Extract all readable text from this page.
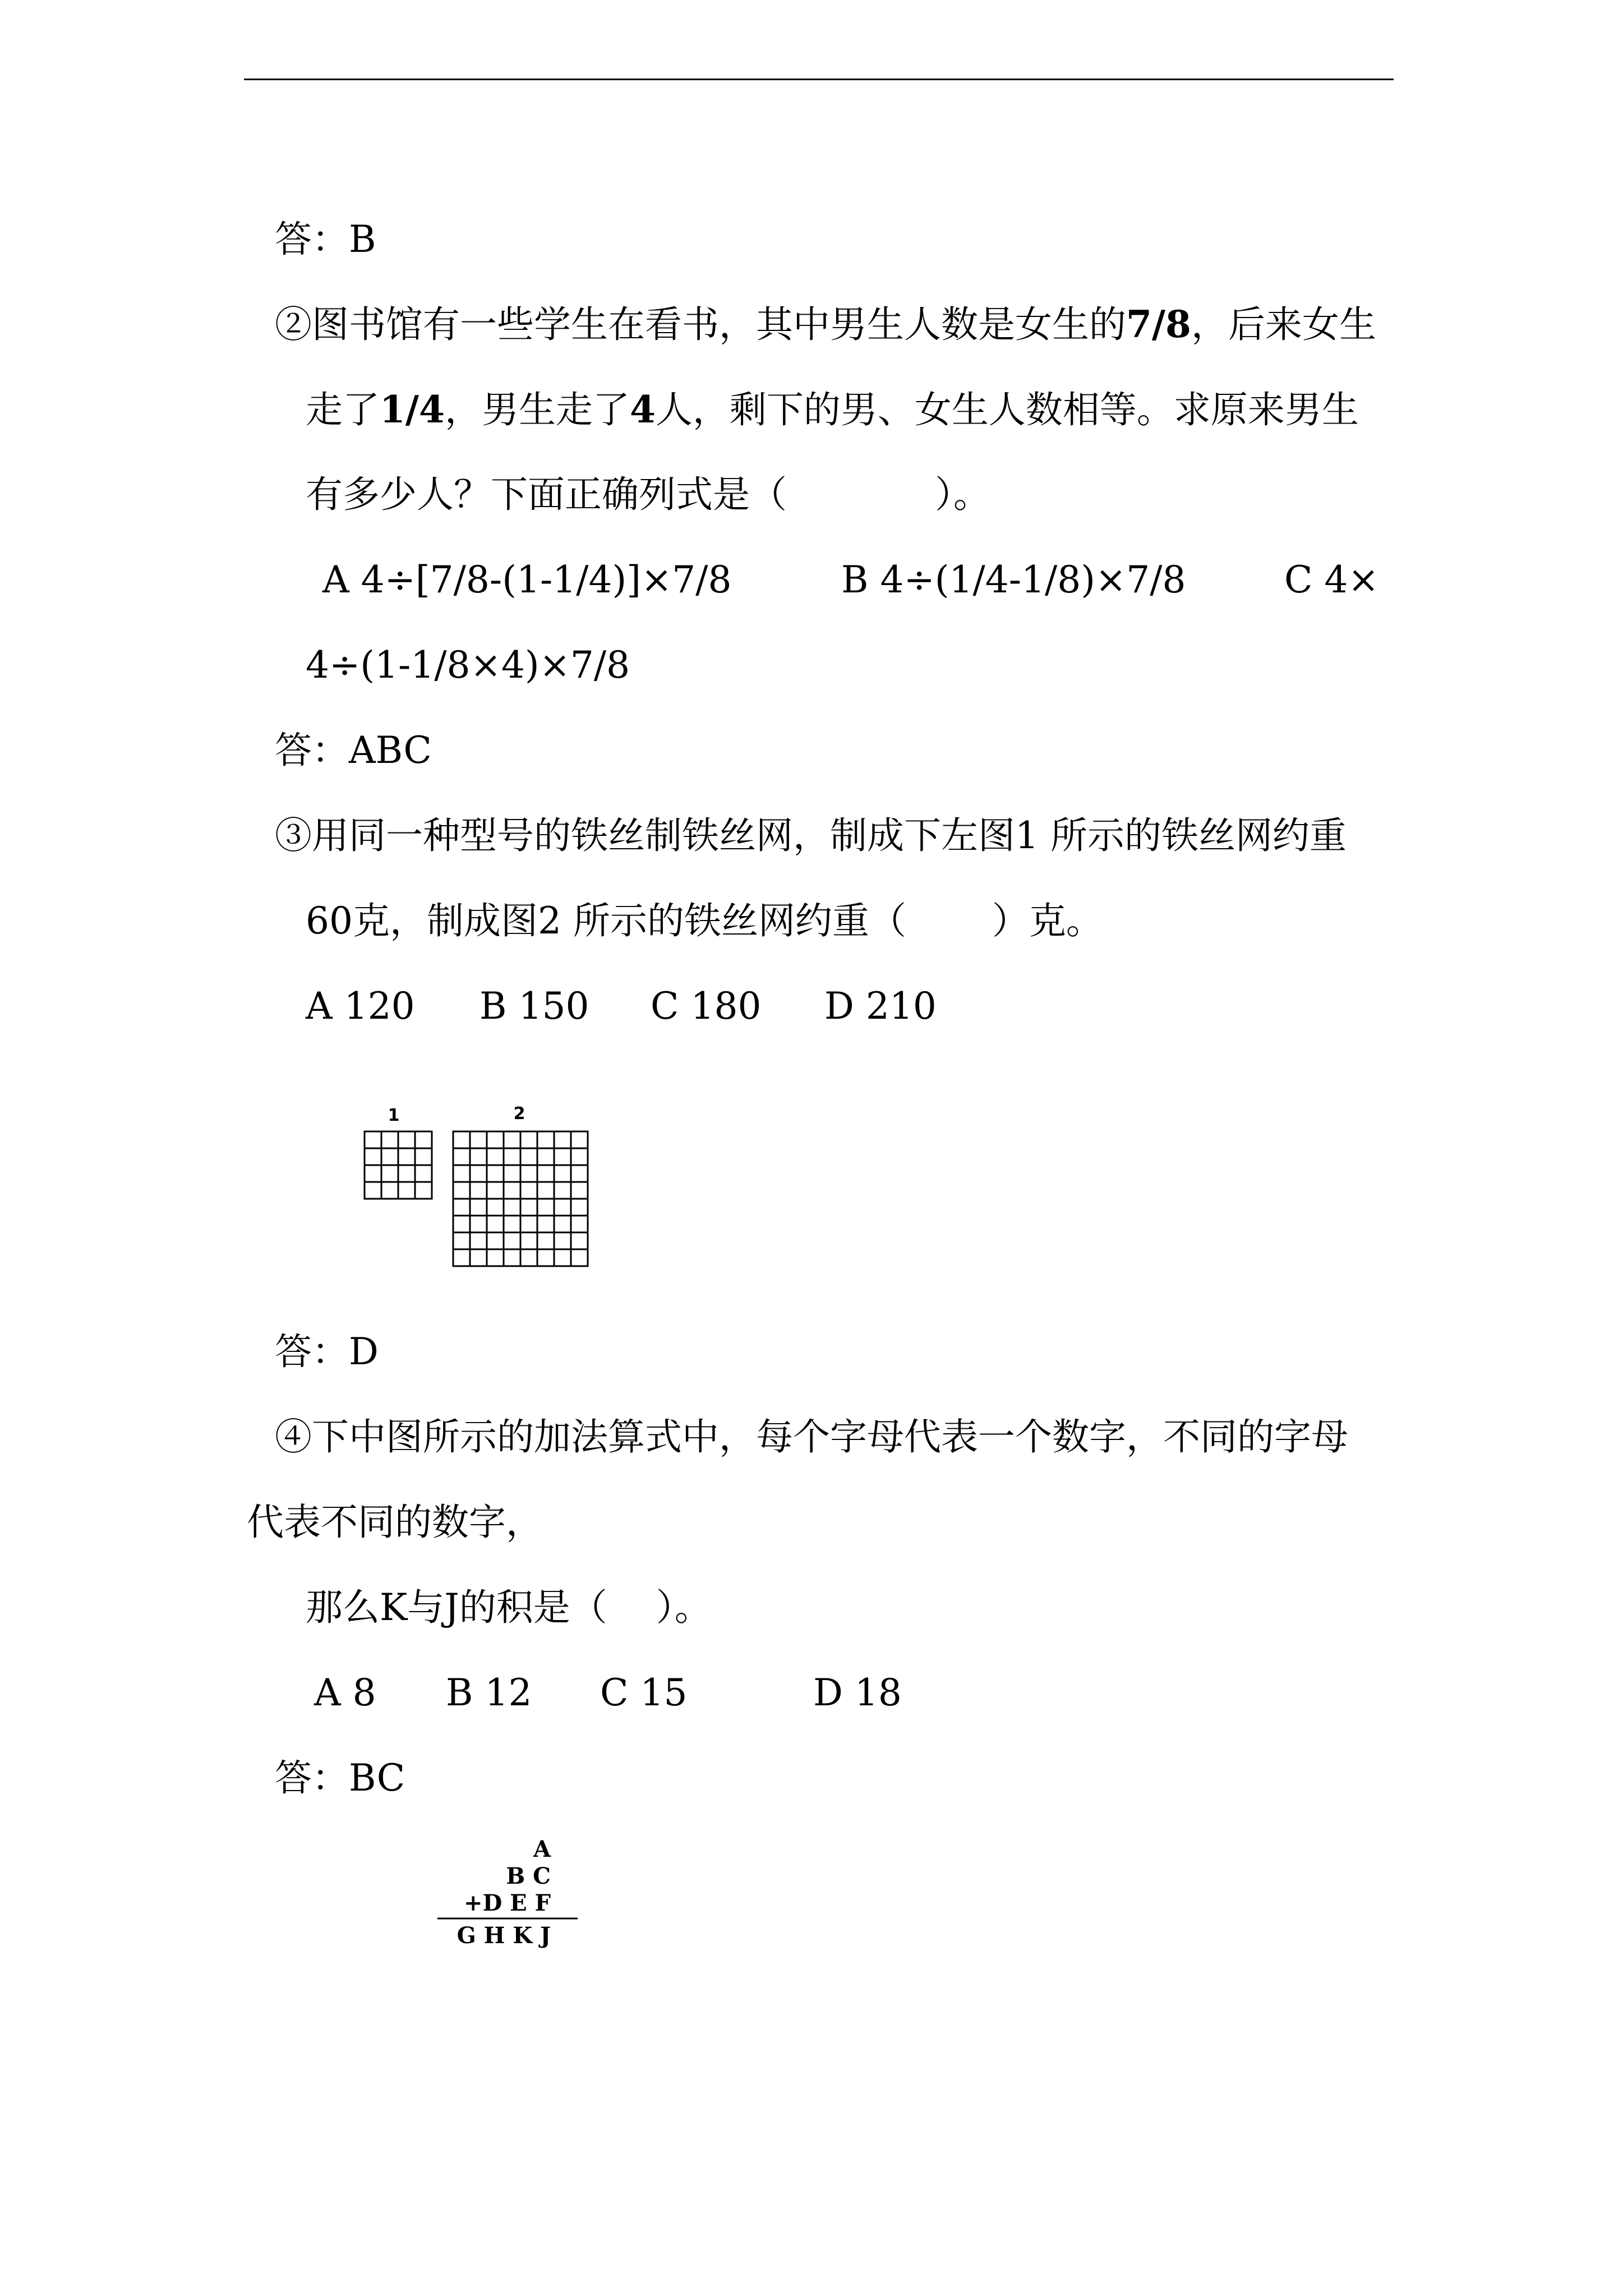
答：B
②图书馆有一些学生在看书，其中男生人数是女生的7/8，后来女生
走了1/4，男生走了4人，剩下的男、女生人数相等。求原来男生
有多少人？下面正确列式是（　　　　）。
A 4÷[7/8-(1-1/4)]×7/8	B 4÷(1/4-1/8)×7/8	C 4×
4÷(1-1/8×4)×7/8
答：ABC
③用同一种型号的铁丝制铁丝网，制成下左图1 所示的铁丝网约重
60克，制成图2 所示的铁丝网约重（　　 ）克。
A 120 B 150 C 180 D 210
1	2
答：D
④下中图所示的加法算式中，每个字母代表一个数字，不同的字母
代表不同的数字，
那么K与J的积是（　 ）。
A 8 B 12 C 15	D 18
答：BC
A
B C
+D E F
G H K J
